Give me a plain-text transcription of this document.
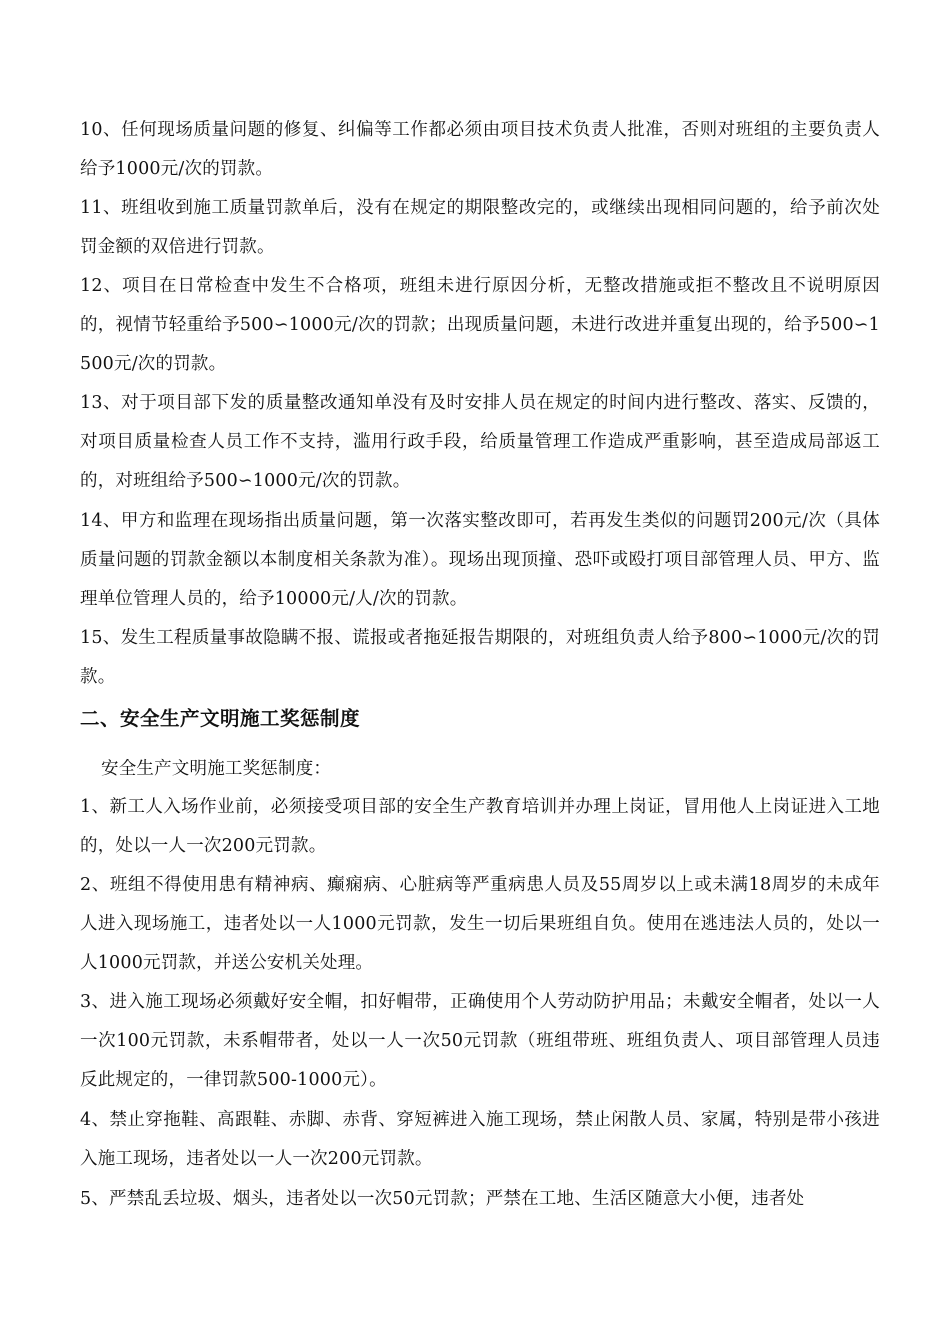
10、任何现场质量问题的修复、纠偏等工作都必须由项目技术负责人批准，否则对班组的主要负责人给予1000元/次的罚款。

11、班组收到施工质量罚款单后，没有在规定的期限整改完的，或继续出现相同问题的，给予前次处罚金额的双倍进行罚款。

12、项目在日常检查中发生不合格项，班组未进行原因分析，无整改措施或拒不整改且不说明原因的，视情节轻重给予500∽1000元/次的罚款；出现质量问题，未进行改进并重复出现的，给予500∽1500元/次的罚款。

13、对于项目部下发的质量整改通知单没有及时安排人员在规定的时间内进行整改、落实、反馈的，对项目质量检查人员工作不支持，滥用行政手段，给质量管理工作造成严重影响，甚至造成局部返工的，对班组给予500∽1000元/次的罚款。

14、甲方和监理在现场指出质量问题，第一次落实整改即可，若再发生类似的问题罚200元/次（具体质量问题的罚款金额以本制度相关条款为准）。现场出现顶撞、恐吓或殴打项目部管理人员、甲方、监理单位管理人员的，给予10000元/人/次的罚款。

15、发生工程质量事故隐瞒不报、谎报或者拖延报告期限的，对班组负责人给予800∽1000元/次的罚款。

二、安全生产文明施工奖惩制度

安全生产文明施工奖惩制度：

1、新工人入场作业前，必须接受项目部的安全生产教育培训并办理上岗证，冒用他人上岗证进入工地的，处以一人一次200元罚款。

2、班组不得使用患有精神病、癫痫病、心脏病等严重病患人员及55周岁以上或未满18周岁的未成年人进入现场施工，违者处以一人1000元罚款，发生一切后果班组自负。使用在逃违法人员的，处以一人1000元罚款，并送公安机关处理。

3、进入施工现场必须戴好安全帽，扣好帽带，正确使用个人劳动防护用品；未戴安全帽者，处以一人一次100元罚款，未系帽带者，处以一人一次50元罚款（班组带班、班组负责人、项目部管理人员违反此规定的，一律罚款500-1000元）。

4、禁止穿拖鞋、高跟鞋、赤脚、赤背、穿短裤进入施工现场，禁止闲散人员、家属，特别是带小孩进入施工现场，违者处以一人一次200元罚款。

5、严禁乱丢垃圾、烟头，违者处以一次50元罚款；严禁在工地、生活区随意大小便，违者处
